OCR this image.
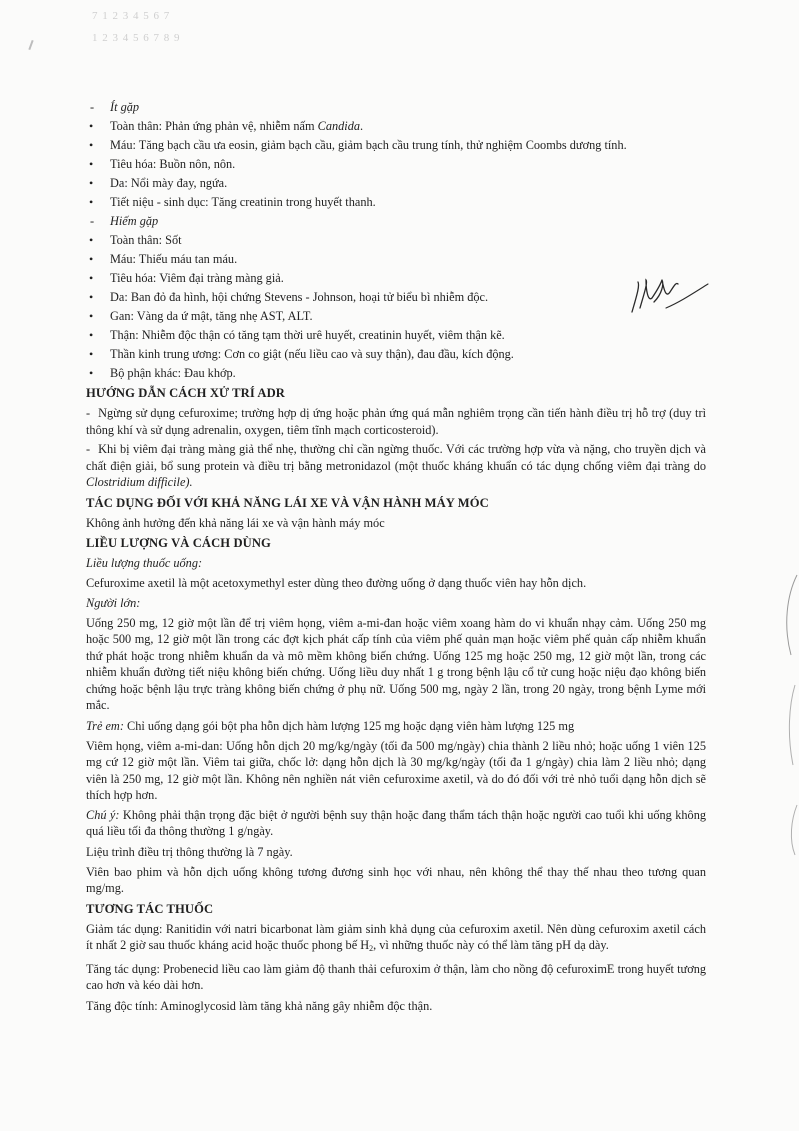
7 1 2 3 4 5 6 7
1 2 3 4 5 6 7 8 9
- Ít gặp
• Toàn thân: Phản ứng phản vệ, nhiễm nấm Candida.
• Máu: Tăng bạch cầu ưa eosin, giảm bạch cầu, giảm bạch cầu trung tính, thử nghiệm Coombs dương tính.
• Tiêu hóa: Buồn nôn, nôn.
• Da: Nổi mày đay, ngứa.
• Tiết niệu - sinh dục: Tăng creatinin trong huyết thanh.
- Hiếm gặp
• Toàn thân: Sốt
• Máu: Thiếu máu tan máu.
• Tiêu hóa: Viêm đại tràng màng giả.
• Da: Ban đỏ đa hình, hội chứng Stevens - Johnson, hoại tử biểu bì nhiễm độc.
• Gan: Vàng da ứ mật, tăng nhẹ AST, ALT.
• Thận: Nhiễm độc thận có tăng tạm thời urê huyết, creatinin huyết, viêm thận kẽ.
• Thần kinh trung ương: Cơn co giật (nếu liều cao và suy thận), đau đầu, kích động.
• Bộ phận khác: Đau khớp.
HƯỚNG DẪN CÁCH XỬ TRÍ ADR
- Ngừng sử dụng cefuroxime; trường hợp dị ứng hoặc phản ứng quá mẫn nghiêm trọng cần tiến hành điều trị hỗ trợ (duy trì thông khí và sử dụng adrenalin, oxygen, tiêm tĩnh mạch corticosteroid).
- Khi bị viêm đại tràng màng giả thể nhẹ, thường chỉ cần ngừng thuốc. Với các trường hợp vừa và nặng, cho truyền dịch và chất điện giải, bổ sung protein và điều trị bằng metronidazol (một thuốc kháng khuẩn có tác dụng chống viêm đại tràng do Clostridium difficile).
TÁC DỤNG ĐỐI VỚI KHẢ NĂNG LÁI XE VÀ VẬN HÀNH MÁY MÓC
Không ảnh hưởng đến khả năng lái xe và vận hành máy móc
LIỀU LƯỢNG VÀ CÁCH DÙNG
Liều lượng thuốc uống:
Cefuroxime axetil là một acetoxymethyl ester dùng theo đường uống ở dạng thuốc viên hay hỗn dịch.
Người lớn:
Uống 250 mg, 12 giờ một lần để trị viêm họng, viêm a-mi-đan hoặc viêm xoang hàm do vi khuẩn nhạy cảm. Uống 250 mg hoặc 500 mg, 12 giờ một lần trong các đợt kịch phát cấp tính của viêm phế quản mạn hoặc viêm phế quản cấp nhiễm khuẩn thứ phát hoặc trong nhiễm khuẩn da và mô mềm không biến chứng. Uống 125 mg hoặc 250 mg, 12 giờ một lần, trong các nhiễm khuẩn đường tiết niệu không biến chứng. Uống liều duy nhất 1 g trong bệnh lậu cổ tử cung hoặc niệu đạo không biến chứng hoặc bệnh lậu trực tràng không biến chứng ở phụ nữ. Uống 500 mg, ngày 2 lần, trong 20 ngày, trong bệnh Lyme mới mắc.
Trẻ em: Chỉ uống dạng gói bột pha hỗn dịch hàm lượng 125 mg hoặc dạng viên hàm lượng 125 mg
Viêm họng, viêm a-mi-dan: Uống hỗn dịch 20 mg/kg/ngày (tối đa 500 mg/ngày) chia thành 2 liều nhỏ; hoặc uống 1 viên 125 mg cứ 12 giờ một lần. Viêm tai giữa, chốc lở: dạng hỗn dịch là 30 mg/kg/ngày (tối đa 1 g/ngày) chia làm 2 liều nhỏ; dạng viên là 250 mg, 12 giờ một lần. Không nên nghiền nát viên cefuroxime axetil, và do đó đối với trẻ nhỏ tuổi dạng hỗn dịch sẽ thích hợp hơn.
Chú ý: Không phải thận trọng đặc biệt ở người bệnh suy thận hoặc đang thẩm tách thận hoặc người cao tuổi khi uống không quá liều tối đa thông thường 1 g/ngày.
Liệu trình điều trị thông thường là 7 ngày.
Viên bao phim và hỗn dịch uống không tương đương sinh học với nhau, nên không thể thay thế nhau theo tương quan mg/mg.
TƯƠNG TÁC THUỐC
Giảm tác dụng: Ranitidin với natri bicarbonat làm giảm sinh khả dụng của cefuroxim axetil. Nên dùng cefuroxim axetil cách ít nhất 2 giờ sau thuốc kháng acid hoặc thuốc phong bế $H_2$, vì những thuốc này có thể làm tăng pH dạ dày.
Tăng tác dụng: Probenecid liều cao làm giảm độ thanh thải cefuroxim ở thận, làm cho nồng độ cefuroximE trong huyết tương cao hơn và kéo dài hơn.
Tăng độc tính: Aminoglycosid làm tăng khả năng gây nhiễm độc thận.
